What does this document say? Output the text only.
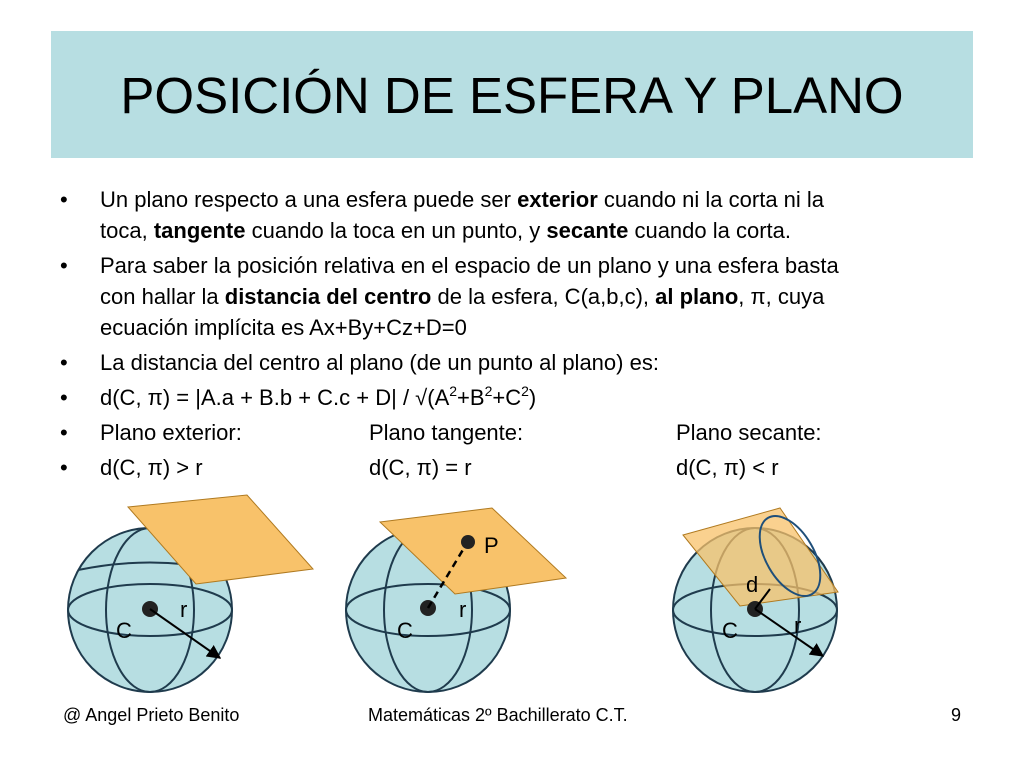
POSICIÓN DE ESFERA Y PLANO
• Un plano respecto a una esfera puede ser exterior cuando ni la corta ni la
toca, tangente cuando la toca en un punto, y secante cuando la corta.
• Para saber la posición relativa en el espacio de un plano y una esfera basta
con hallar la distancia del centro de la esfera, C(a,b,c), al plano, π, cuya
ecuación implícita es Ax+By+Cz+D=0
• La distancia del centro al plano (de un punto al plano) es:
• d(C, $\pi) = |A.a + B.b + C.c + D| / √(A^2+B^2+C^2)$
• Plano exterior:	Plano tangente:	Plano secante:
• d(C, π) > r	d(C, π) = r	d(C, π) < r
C
r
P
C
r
d
C	r
@ Angel Prieto Benito	Matemáticas 2º Bachillerato C.T.	9
